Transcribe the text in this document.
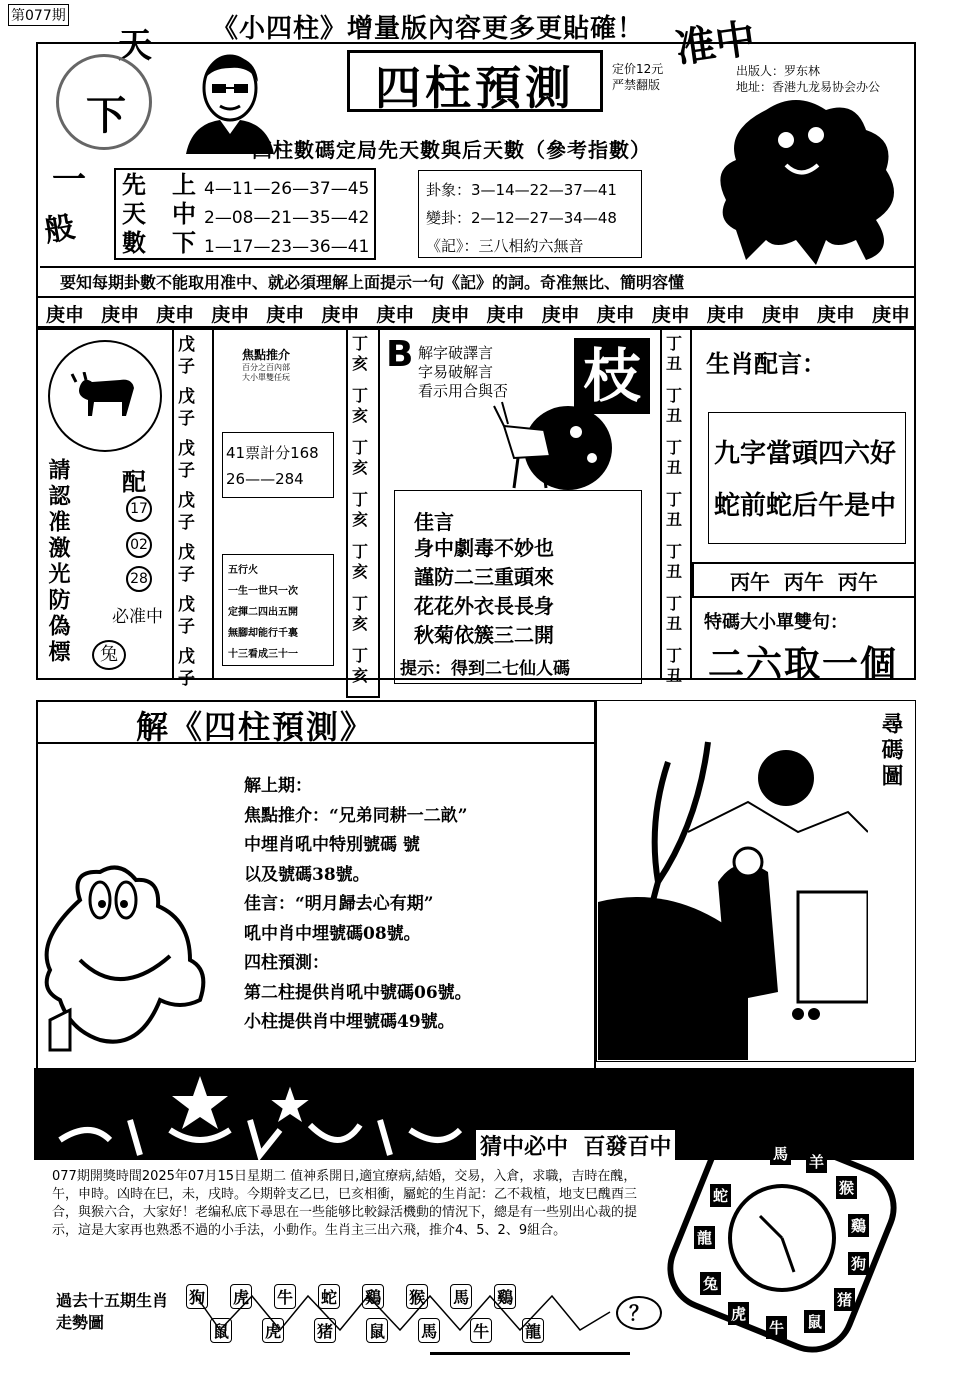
第077期	《小四柱》增量版內容更多更貼確！
天
下
一
般
准中
四柱預測	定价12元
严禁翻版
出版人：罗东林
地址：香港九龙易协会办公
四柱數碼定局先天數與后天數（參考指數）
先
天
數
上
中
下
4—11—26—37—45
2—08—21—35—42
1—17—23—36—41
卦象：3—14—22—37—41
變卦：2—12—27—34—48
《記》：三八相約六無音
要知每期卦數不能取用准中、就必須理解上面提示一句《記》的詞。奇准無比、簡明容懂
庚申 庚申 庚申 庚申 庚申 庚申 庚申 庚申 庚申 庚申 庚申 庚申 庚申 庚申 庚申 庚申
請認准激光防偽標 配
17
02
28
必准中
兔
戊子
戊子
戊子
戊子
戊子
戊子
戊子
焦點推介
百分之百內部
大小單雙任玩
41票計分168
26——284
五行火
一生一世只一次
定揮二四出五開
無腳却能行千裏
十三看成三十一
丁亥
丁亥
丁亥
丁亥
丁亥
丁亥
丁亥
B 解字破譯言
字易破解言
看示用合與否 枝
佳言
身中劇毒不妙也
謹防二三重頭來
花花外衣長長身
秋菊依簇三二開
提示：得到二七仙人碼
丁丑
丁丑
丁丑
丁丑
丁丑
丁丑
丁丑
生肖配言：
九字當頭四六好
蛇前蛇后午是中
丙午  丙午  丙午
特碼大小單雙句：
二六取一個
解《四柱預測》
解上期：
焦點推介：“兄弟同耕一二畝”
中埋肖吼中特別號碼 號
以及號碼38號。
佳言：“明月歸去心有期”
吼中肖中埋號碼08號。
四柱預測：
第二柱提供肖吼中號碼06號。
小柱提供肖中埋號碼49號。
尋碼圖
猜中必中  百發百中
077期開獎時間2025年07月15日星期二 值神系開日,適宜療病,結婚，交易，入倉，求職，吉時在醜，午，申時。凶時在巳，未，戌時。今期幹支乙巳，巳亥相衝，屬蛇的生肖記：乙不栽植，地支巳醜酉三合，與猴六合，大家好！老编私底下尋思在一些能够比較録活機動的情況下，總是有一些别出心裁的提示，這是大家再也熟悉不過的小手法，小動作。生肖主三出六飛，推介4、5、2、9組合。
馬 羊
猴
鷄
狗
猪
鼠
牛
虎
兔
龍
蛇
過去十五期生肖走勢圖
狗 虎 牛 蛇 鷄 猴 馬 鷄
鼠 虎 猪 鼠 馬 牛 龍
？
